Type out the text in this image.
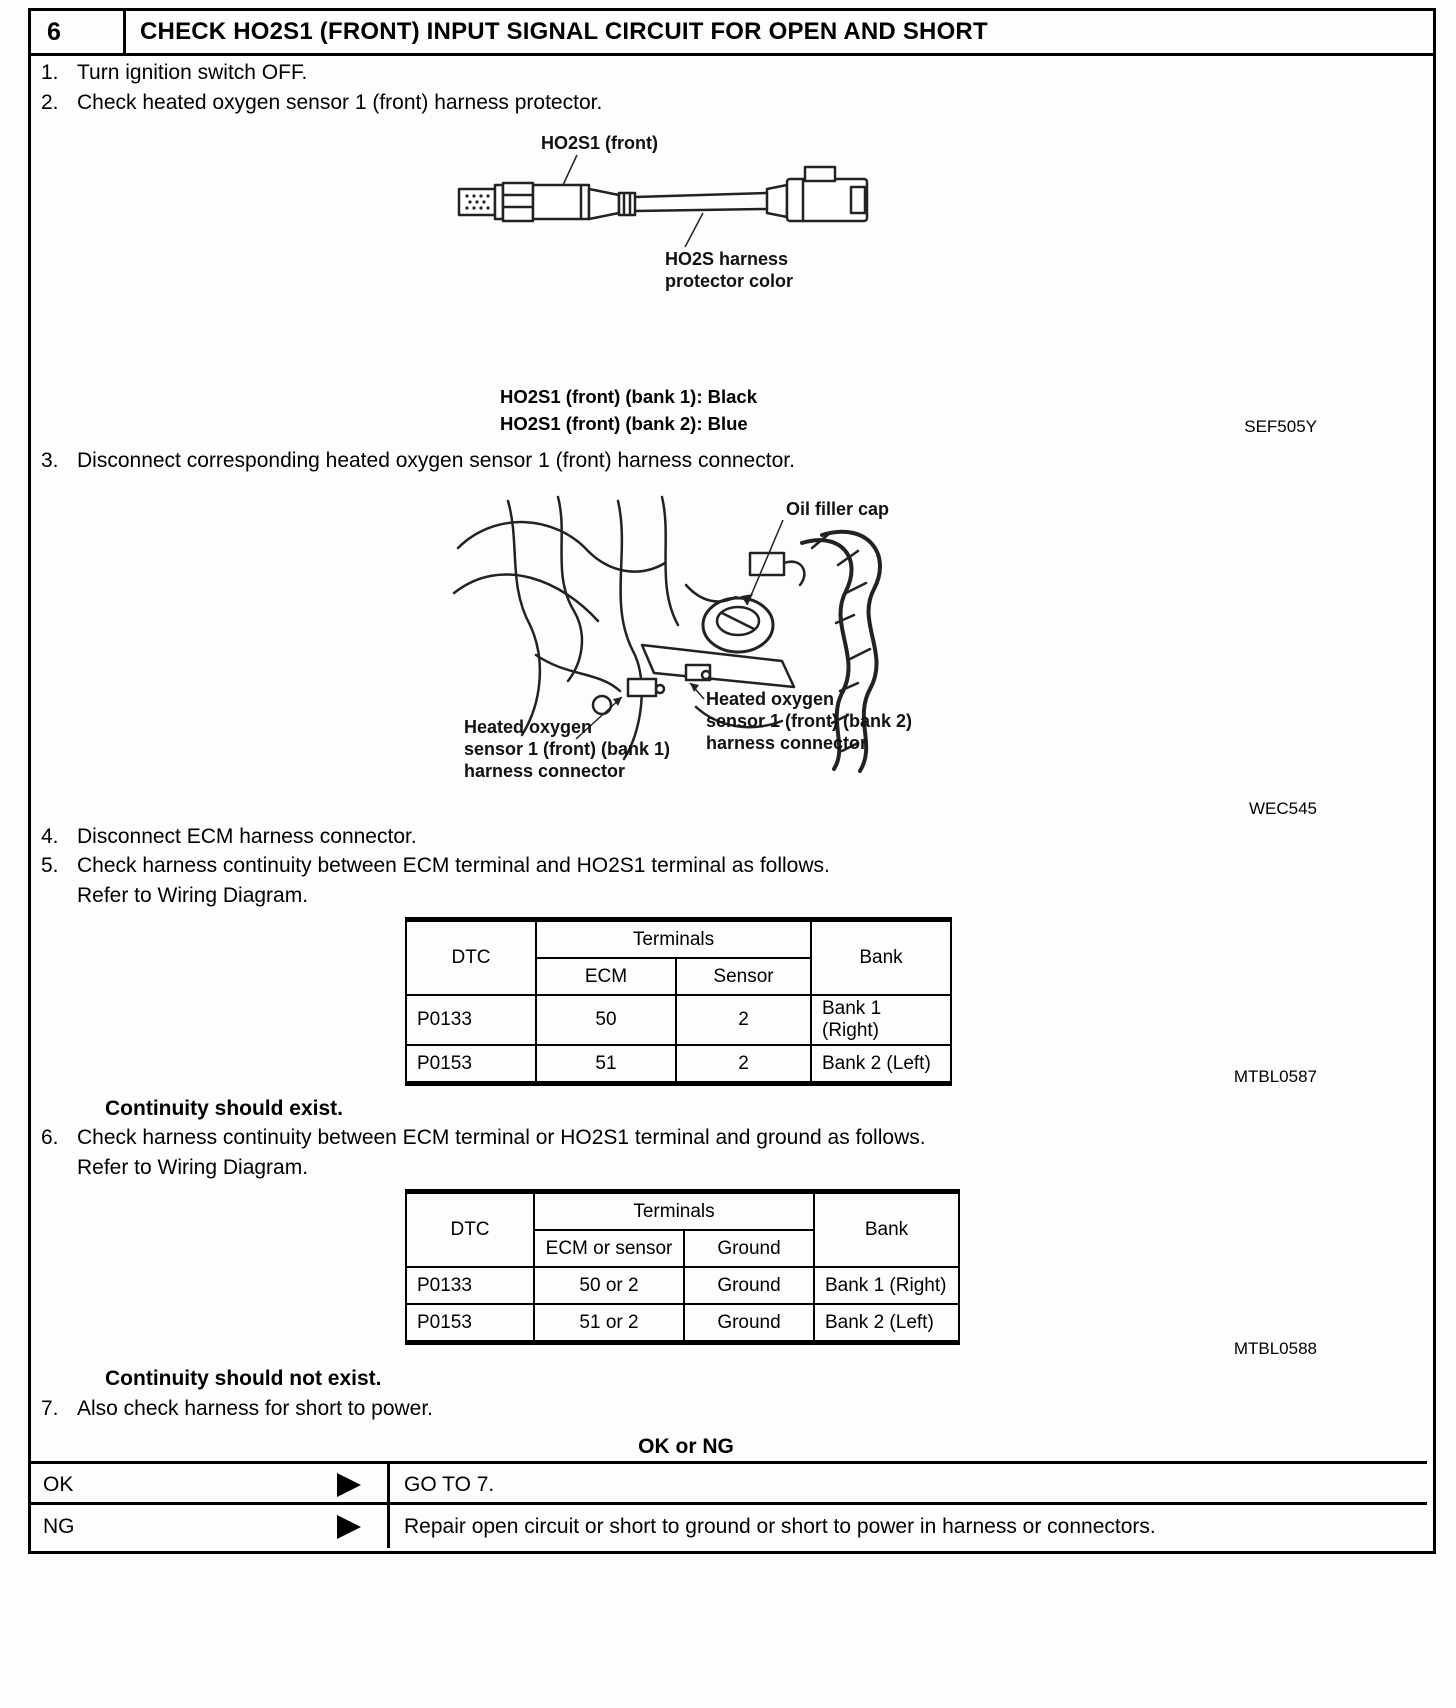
6	CHECK HO2S1 (FRONT) INPUT SIGNAL CIRCUIT FOR OPEN AND SHORT
1. Turn ignition switch OFF.
2. Check heated oxygen sensor 1 (front) harness protector.
HO2S1 (front)
HO2S harness
protector color
HO2S1 (front) (bank 1): Black
HO2S1 (front) (bank 2): Blue	SEF505Y
3. Disconnect corresponding heated oxygen sensor 1 (front) harness connector.
Oil filler cap
Heated oxygen
sensor 1 (front) (bank 2)
harness connector
Heated oxygen
sensor 1 (front) (bank 1)
harness connector
WEC545
4. Disconnect ECM harness connector.
5. Check harness continuity between ECM terminal and HO2S1 terminal as follows.
Refer to Wiring Diagram.
DTC	Terminals		Bank
	ECM	Sensor	
P0133	50	2	Bank 1 (Right)
P0153	51	2	Bank 2 (Left)
MTBL0587
Continuity should exist.
6. Check harness continuity between ECM terminal or HO2S1 terminal and ground as follows.
Refer to Wiring Diagram.
DTC	Terminals		Bank
	ECM or sensor	Ground	
P0133	50 or 2	Ground	Bank 1 (Right)
P0153	51 or 2	Ground	Bank 2 (Left)
MTBL0588
Continuity should not exist.
7. Also check harness for short to power.
OK or NG
OK	GO TO 7.
NG	Repair open circuit or short to ground or short to power in harness or connectors.
